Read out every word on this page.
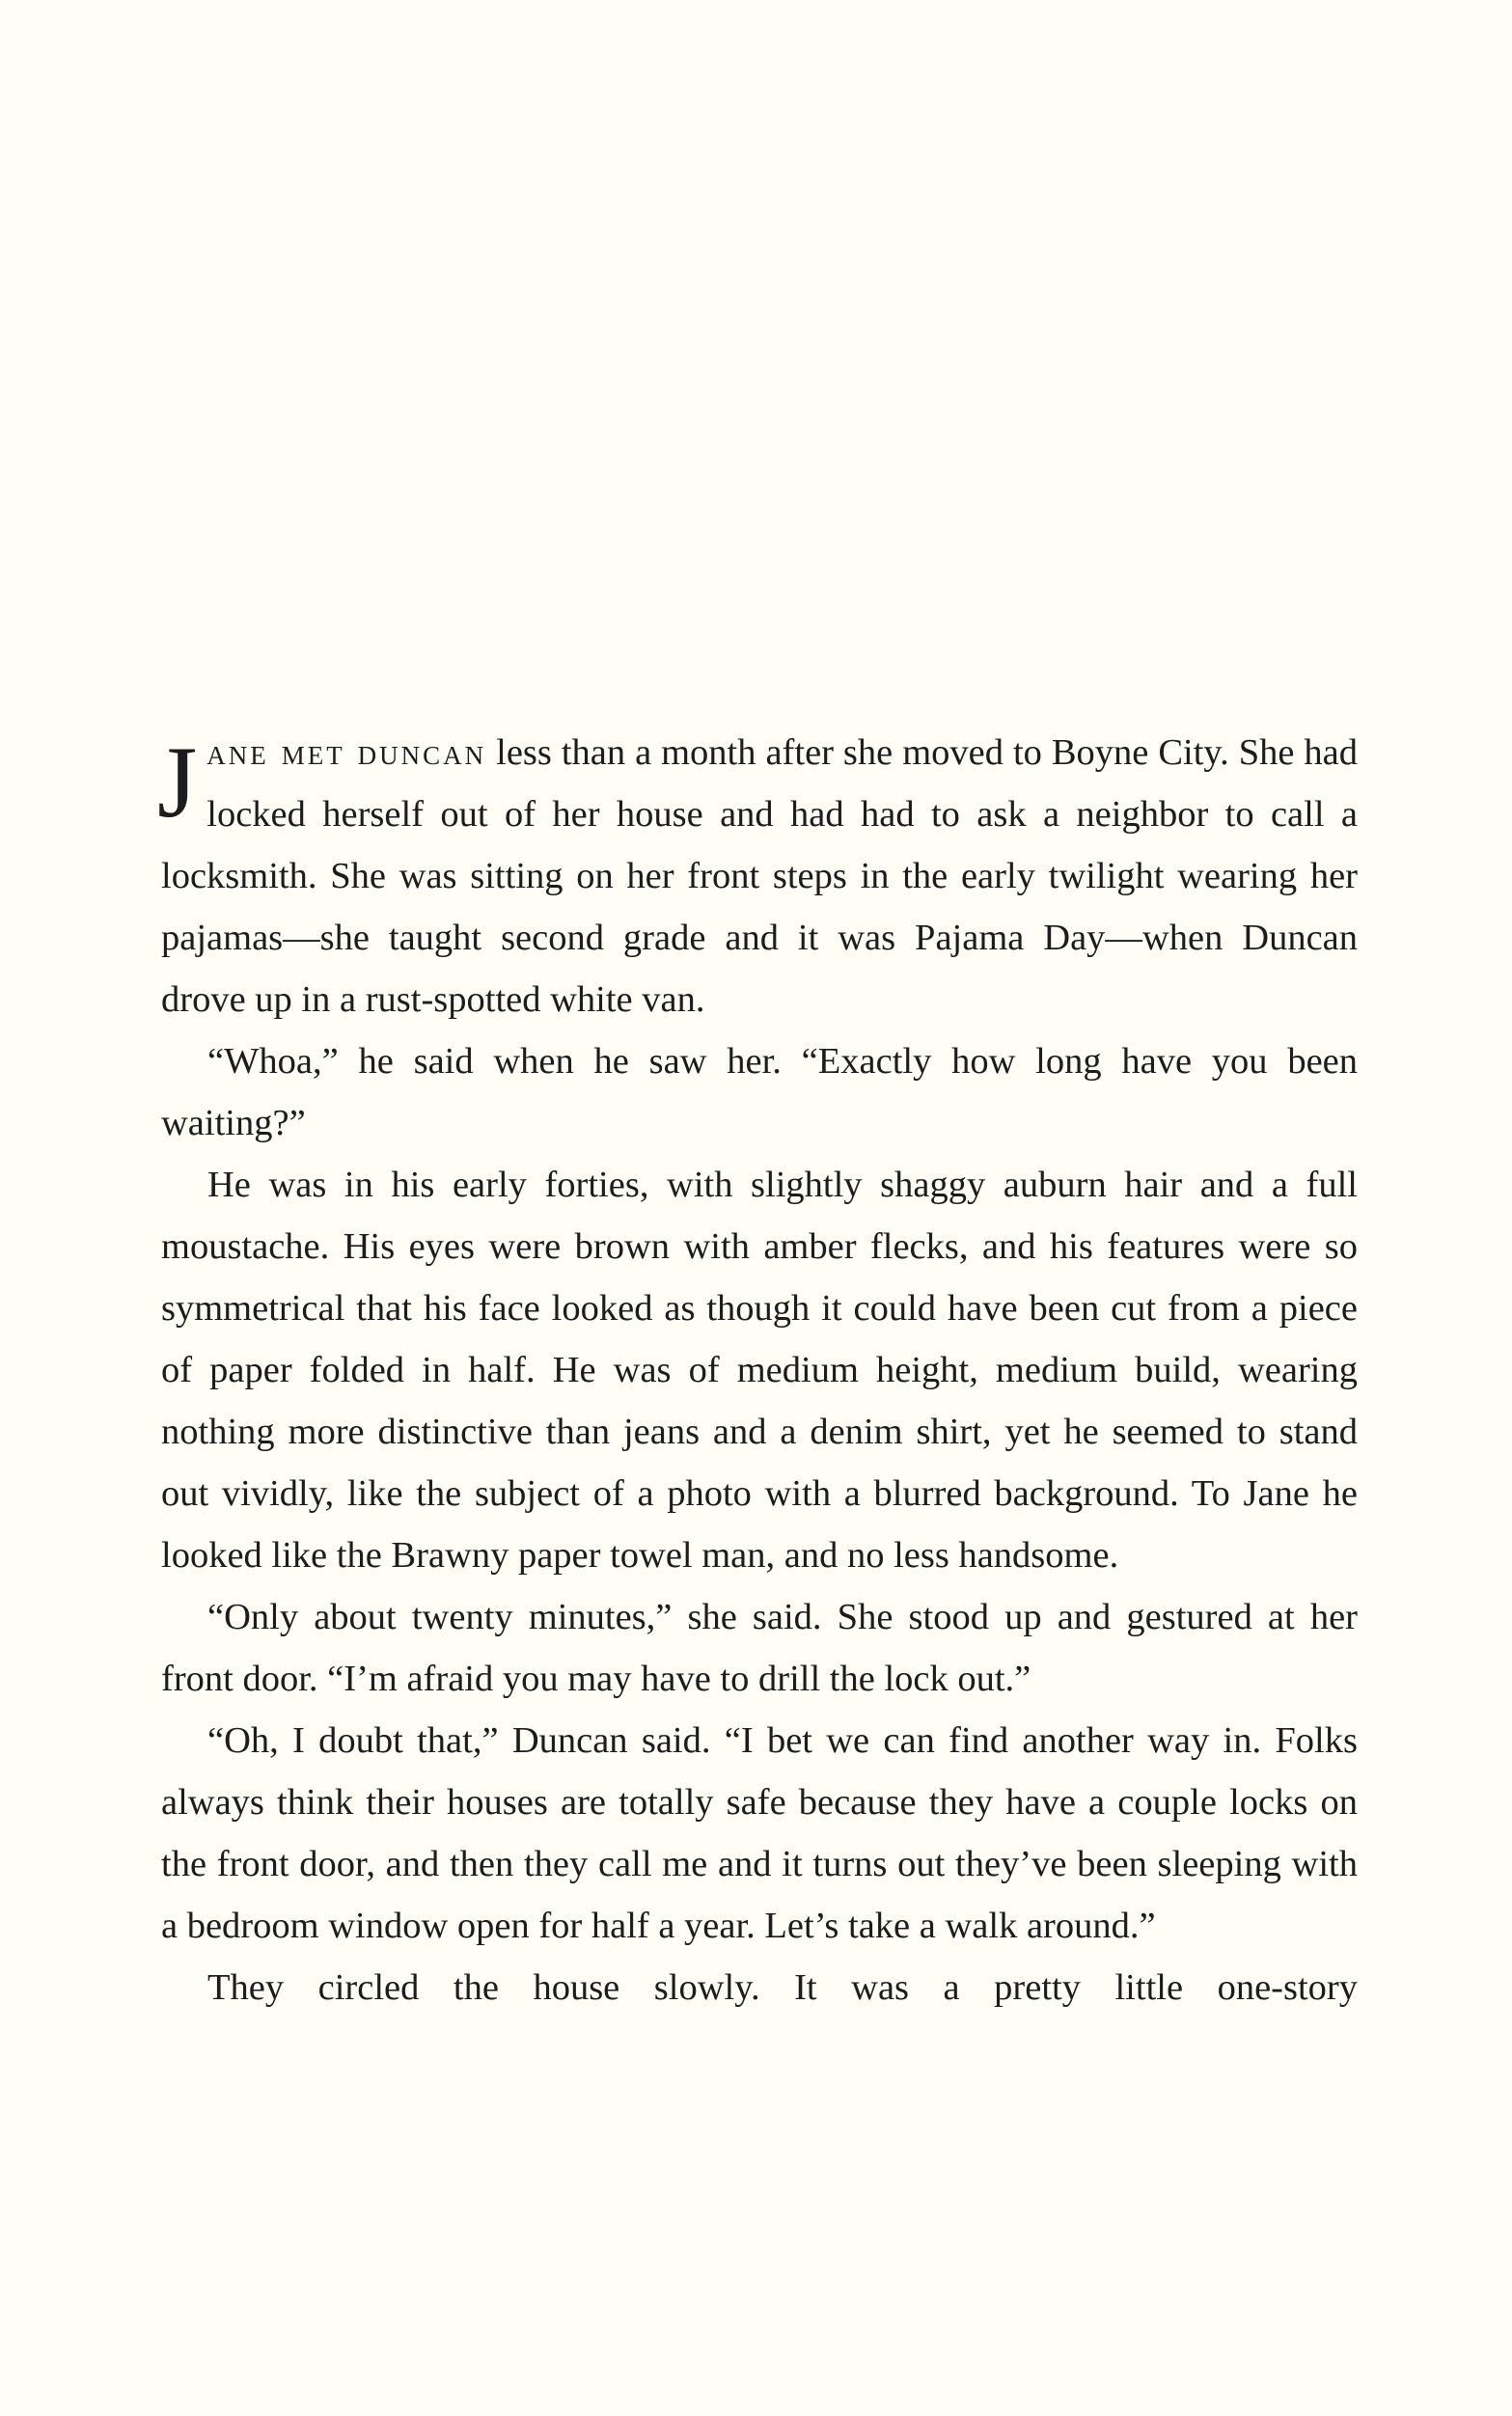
Jane met duncan less than a month after she moved to Boyne City. She had locked herself out of her house and had had to ask a neighbor to call a locksmith. She was sitting on her front steps in the early twilight wearing her pajamas—she taught second grade and it was Pajama Day—when Duncan drove up in a rust-spotted white van.

“Whoa,” he said when he saw her. “Exactly how long have you been waiting?”

He was in his early forties, with slightly shaggy auburn hair and a full moustache. His eyes were brown with amber flecks, and his features were so symmetrical that his face looked as though it could have been cut from a piece of paper folded in half. He was of medium height, medium build, wearing nothing more distinctive than jeans and a denim shirt, yet he seemed to stand out vividly, like the subject of a photo with a blurred background. To Jane he looked like the Brawny paper towel man, and no less handsome.

“Only about twenty minutes,” she said. She stood up and gestured at her front door. “I’m afraid you may have to drill the lock out.”

“Oh, I doubt that,” Duncan said. “I bet we can find another way in. Folks always think their houses are totally safe because they have a couple locks on the front door, and then they call me and it turns out they’ve been sleeping with a bedroom window open for half a year. Let’s take a walk around.”

They circled the house slowly. It was a pretty little one-story
